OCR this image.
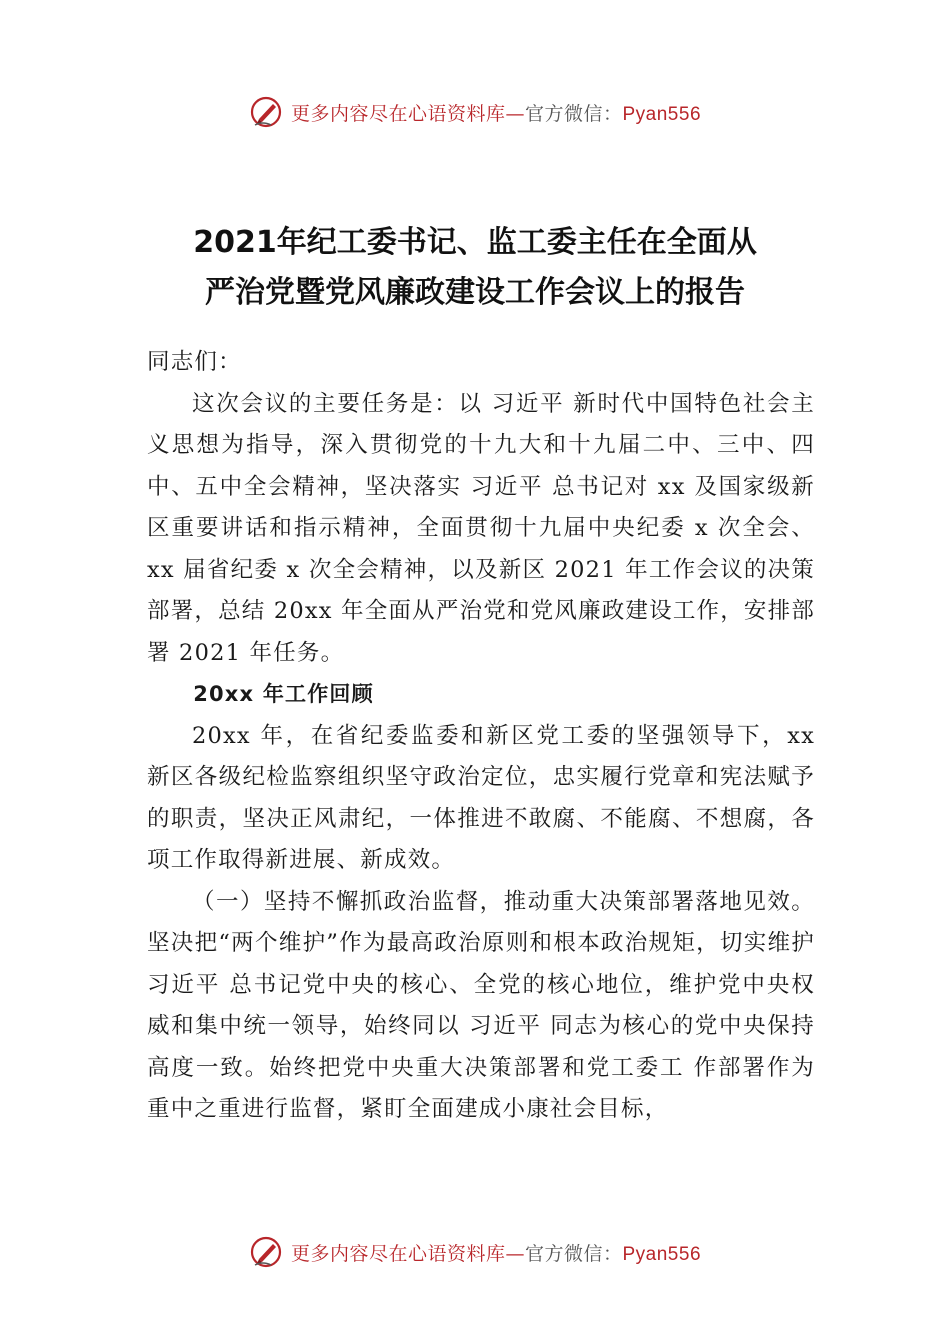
更多内容尽在心语资料库—官方微信：Pyan556
2021年纪工委书记、监工委主任在全面从
严治党暨党风廉政建设工作会议上的报告

同志们：

这次会议的主要任务是：以 习近平 新时代中国特色社会主义思想为指导，深入贯彻党的十九大和十九届二中、三中、四中、五中全会精神，坚决落实 习近平 总书记对 xx 及国家级新区重要讲话和指示精神，全面贯彻十九届中央纪委 x 次全会、xx 届省纪委 x 次全会精神，以及新区 2021 年工作会议的决策部署，总结 20xx 年全面从严治党和党风廉政建设工作，安排部署 2021 年任务。

20xx 年工作回顾

20xx 年，在省纪委监委和新区党工委的坚强领导下，xx 新区各级纪检监察组织坚守政治定位，忠实履行党章和宪法赋予的职责，坚决正风肃纪，一体推进不敢腐、不能腐、不想腐，各项工作取得新进展、新成效。

（一）坚持不懈抓政治监督，推动重大决策部署落地见效。坚决把“两个维护”作为最高政治原则和根本政治规矩，切实维护 习近平 总书记党中央的核心、全党的核心地位，维护党中央权威和集中统一领导，始终同以 习近平 同志为核心的党中央保持高度一致。始终把党中央重大决策部署和党工委工 作部署作为重中之重进行监督，紧盯全面建成小康社会目标，

更多内容尽在心语资料库—官方微信：Pyan556
